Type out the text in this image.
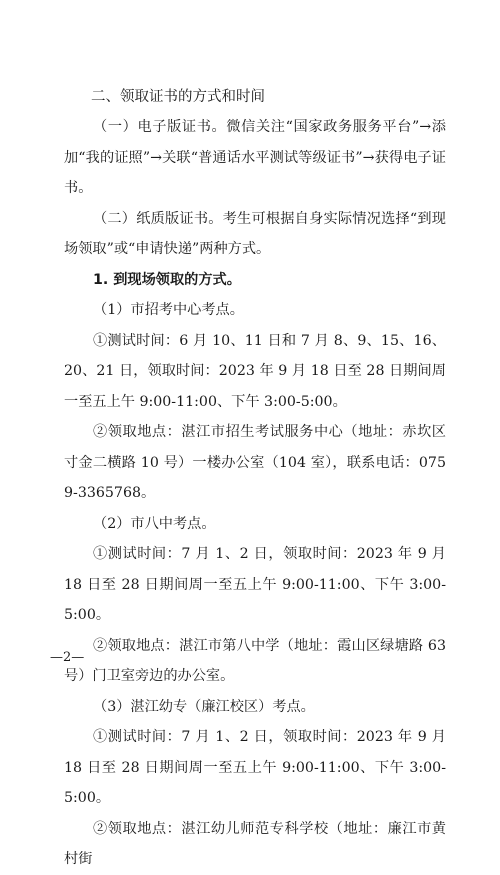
二、领取证书的方式和时间

（一）电子版证书。微信关注“国家政务服务平台”→添加“我的证照”→关联“普通话水平测试等级证书”→获得电子证书。

（二）纸质版证书。考生可根据自身实际情况选择“到现场领取”或“申请快递”两种方式。

1. 到现场领取的方式。

（1）市招考中心考点。

①测试时间：6 月 10、11 日和 7 月 8、9、15、16、20、21 日，领取时间：2023 年 9 月 18 日至 28 日期间周一至五上午 9:00-11:00、下午 3:00-5:00。

②领取地点：湛江市招生考试服务中心（地址：赤坎区寸金二横路 10 号）一楼办公室（104 室），联系电话：0759-3365768。

（2）市八中考点。

①测试时间：7 月 1、2 日，领取时间：2023 年 9 月 18 日至 28 日期间周一至五上午 9:00-11:00、下午 3:00-5:00。

②领取地点：湛江市第八中学（地址：霞山区绿塘路 63 号）门卫室旁边的办公室。

（3）湛江幼专（廉江校区）考点。

①测试时间：7 月 1、2 日，领取时间：2023 年 9 月 18 日至 28 日期间周一至五上午 9:00-11:00、下午 3:00-5:00。

②领取地点：湛江幼儿师范专科学校（地址：廉江市黄村街

—2—
